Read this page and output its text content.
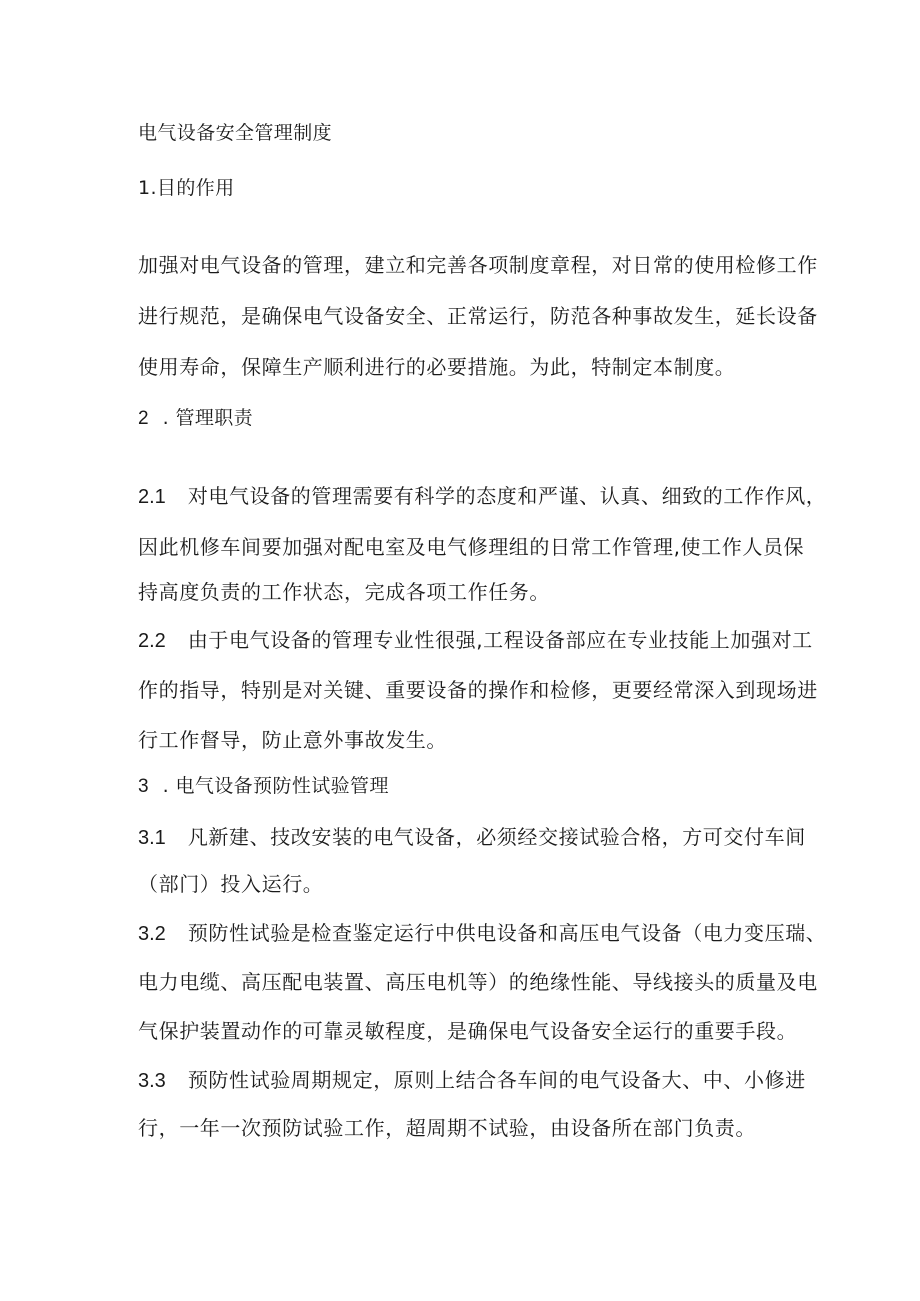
电气设备安全管理制度
1.目的作用
加强对电气设备的管理，建立和完善各项制度章程，对日常的使用检修工作
进行规范，是确保电气设备安全、正常运行，防范各种事故发生，延长设备
使用寿命，保障生产顺利进行的必要措施。为此，特制定本制度。
2 . 管理职责
2.1 对电气设备的管理需要有科学的态度和严谨、认真、细致的工作作风，
因此机修车间要加强对配电室及电气修理组的日常工作管理,使工作人员保
持高度负责的工作状态，完成各项工作任务。
2.2 由于电气设备的管理专业性很强,工程设备部应在专业技能上加强对工
作的指导，特别是对关键、重要设备的操作和检修，更要经常深入到现场进
行工作督导，防止意外事故发生。
3 . 电气设备预防性试验管理
3.1 凡新建、技改安装的电气设备，必须经交接试验合格，方可交付车间
（部门）投入运行。
3.2 预防性试验是检查鉴定运行中供电设备和高压电气设备（电力变压瑞、
电力电缆、高压配电装置、高压电机等）的绝缘性能、导线接头的质量及电
气保护装置动作的可靠灵敏程度，是确保电气设备安全运行的重要手段。
3.3 预防性试验周期规定，原则上结合各车间的电气设备大、中、小修进
行，一年一次预防试验工作，超周期不试验，由设备所在部门负责。
